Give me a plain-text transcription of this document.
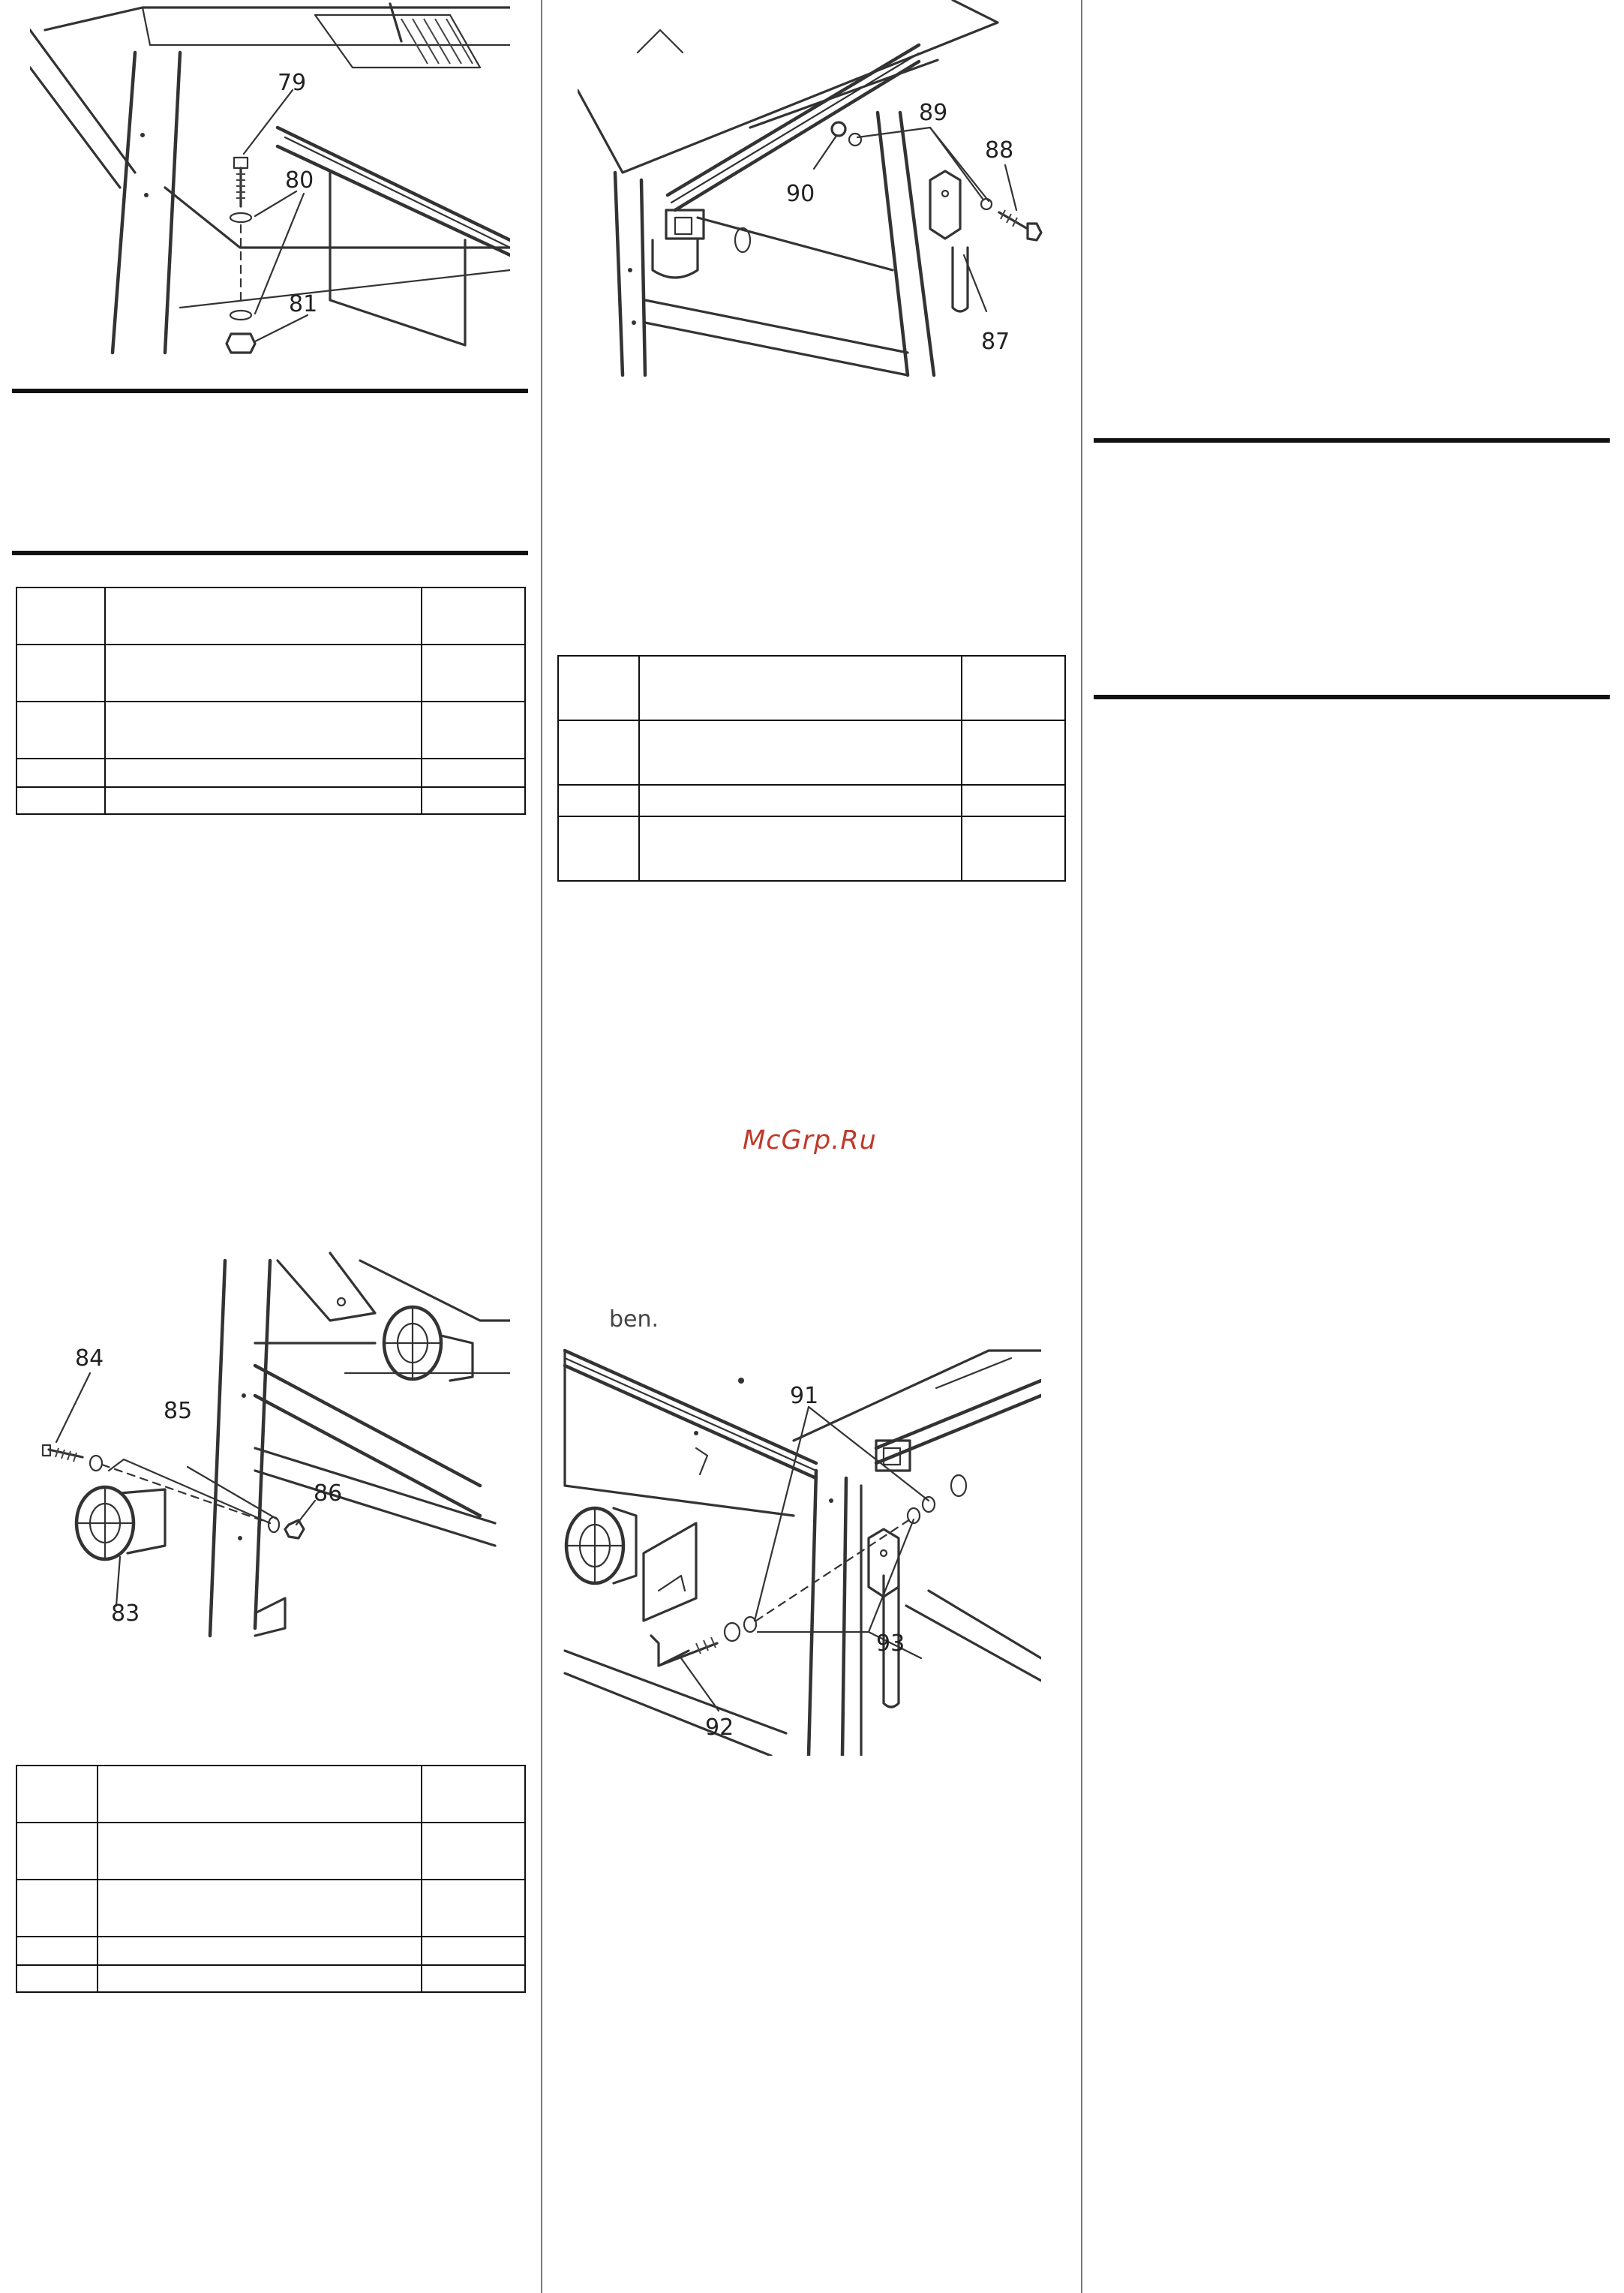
79
80
81

84
85
86
83

89
88
90
87

McGrp.Ru
ben.
91
93
92
